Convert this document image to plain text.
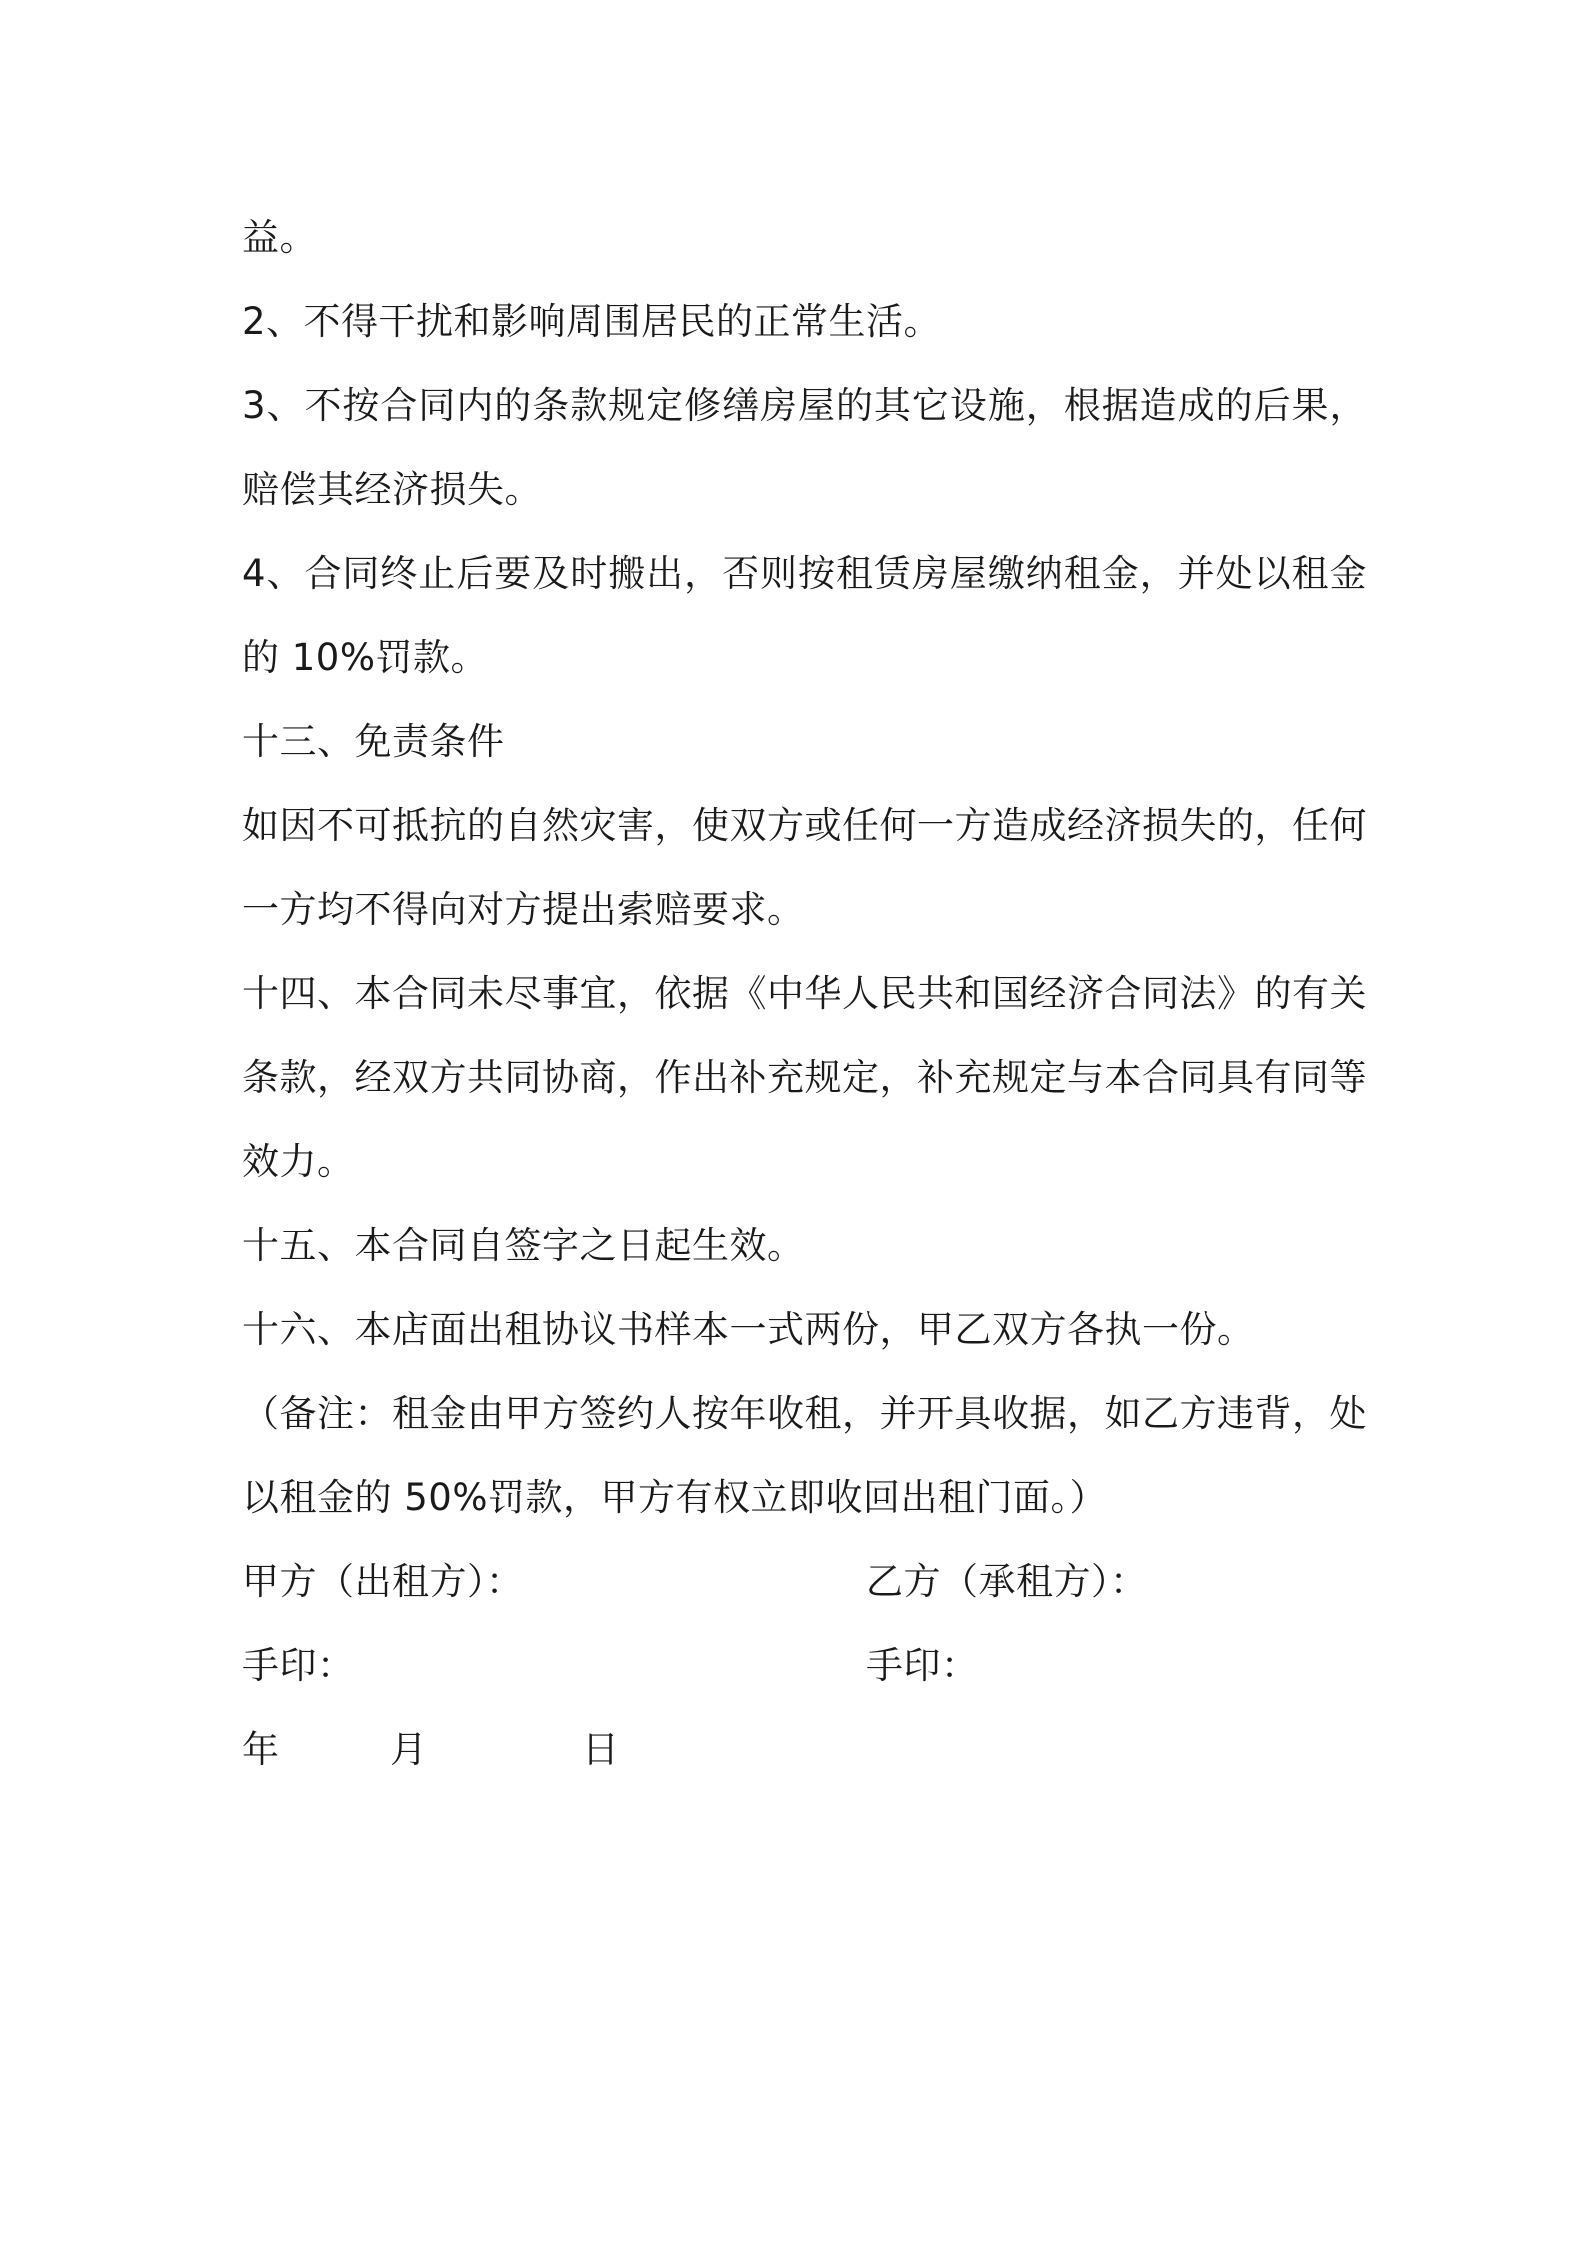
益。
2、不得干扰和影响周围居民的正常生活。
3、不按合同内的条款规定修缮房屋的其它设施，根据造成的后果，
赔偿其经济损失。
4、合同终止后要及时搬出，否则按租赁房屋缴纳租金，并处以租金
的 10%罚款。
十三、免责条件
如因不可抵抗的自然灾害，使双方或任何一方造成经济损失的，任何
一方均不得向对方提出索赔要求。
十四、本合同未尽事宜，依据《中华人民共和国经济合同法》的有关
条款，经双方共同协商，作出补充规定，补充规定与本合同具有同等
效力。
十五、本合同自签字之日起生效。
十六、本店面出租协议书样本一式两份，甲乙双方各执一份。
（备注：租金由甲方签约人按年收租，并开具收据，如乙方违背，处
以租金的 50%罚款，甲方有权立即收回出租门面。）
甲方（出租方）：	乙方（承租方）：
手印：	手印：
年	月	日
